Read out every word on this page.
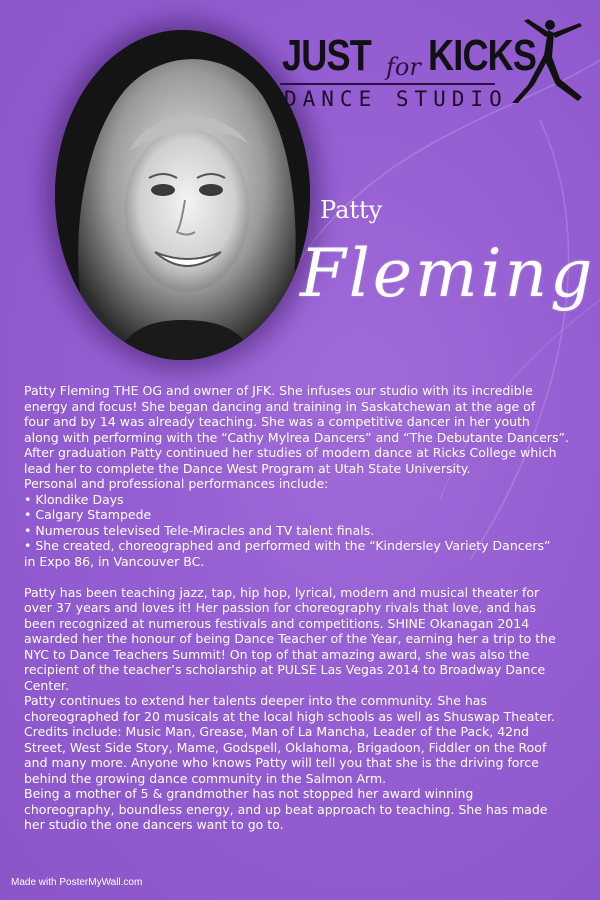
JUST for KICKS
DANCE STUDIO
Patty
Fleming

Patty Fleming THE OG and owner of JFK. She infuses our studio with its incredible

energy and focus! She began dancing and training in Saskatchewan at the age of

four and by 14 was already teaching. She was a competitive dancer in her youth

along with performing with the “Cathy Mylrea Dancers” and “The Debutante Dancers”.

After graduation Patty continued her studies of modern dance at Ricks College which

lead her to complete the Dance West Program at Utah State University.

Personal and professional performances include:

• Klondike Days
• Calgary Stampede
• Numerous televised Tele-Miracles and TV talent finals.
• She created, choreographed and performed with the “Kindersley Variety Dancers”
in Expo 86, in Vancouver BC.

Patty has been teaching jazz, tap, hip hop, lyrical, modern and musical theater for

over 37 years and loves it! Her passion for choreography rivals that love, and has

been recognized at numerous festivals and competitions. SHINE Okanagan 2014

awarded her the honour of being Dance Teacher of the Year, earning her a trip to the

NYC to Dance Teachers Summit! On top of that amazing award, she was also the

recipient of the teacher’s scholarship at PULSE Las Vegas 2014 to Broadway Dance

Center.

Patty continues to extend her talents deeper into the community. She has

choreographed for 20 musicals at the local high schools as well as Shuswap Theater.

Credits include: Music Man, Grease, Man of La Mancha, Leader of the Pack, 42nd

Street, West Side Story, Mame, Godspell, Oklahoma, Brigadoon, Fiddler on the Roof

and many more. Anyone who knows Patty will tell you that she is the driving force

behind the growing dance community in the Salmon Arm.

Being a mother of 5 & grandmother has not stopped her award winning

choreography, boundless energy, and up beat approach to teaching. She has made

her studio the one dancers want to go to.

Made with PosterMyWall.com
